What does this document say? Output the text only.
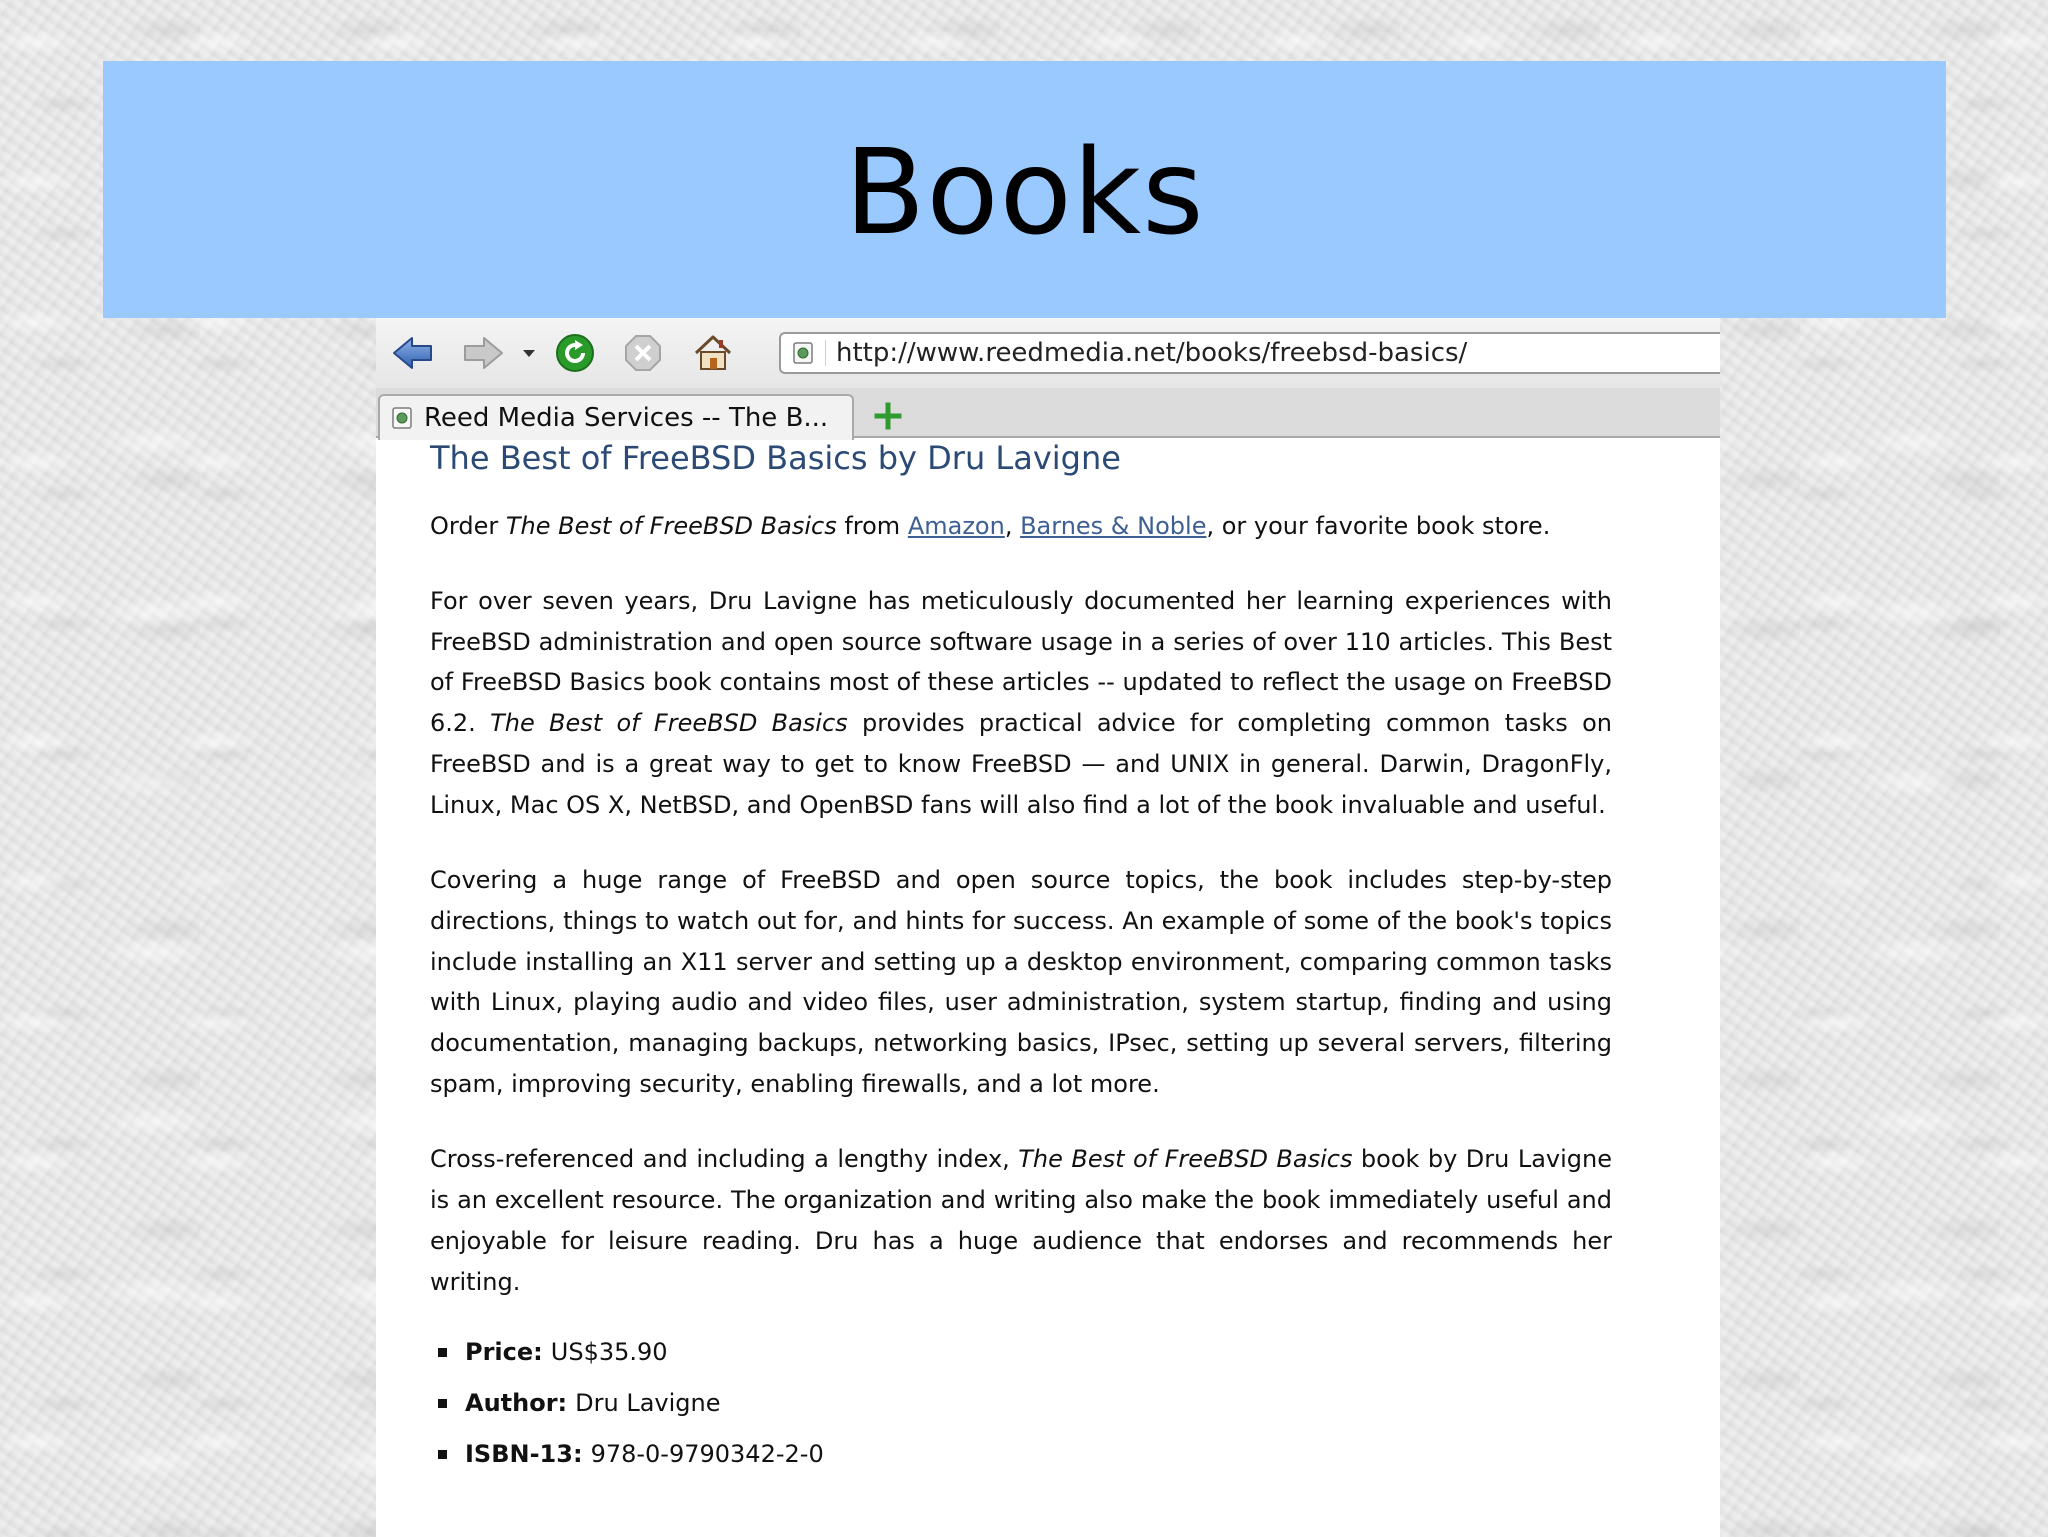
Books
http://www.reedmedia.net/books/freebsd-basics/
Reed Media Services -- The B...
The Best of FreeBSD Basics by Dru Lavigne

Order The Best of FreeBSD Basics from Amazon, Barnes & Noble, or your favorite book store.

For over seven years, Dru Lavigne has meticulously documented her learning experiences with FreeBSD administration and open source software usage in a series of over 110 articles. This Best of FreeBSD Basics book contains most of these articles -- updated to reflect the usage on FreeBSD 6.2. The Best of FreeBSD Basics provides practical advice for completing common tasks on FreeBSD and is a great way to get to know FreeBSD — and UNIX in general. Darwin, DragonFly, Linux, Mac OS X, NetBSD, and OpenBSD fans will also find a lot of the book invaluable and useful.

Covering a huge range of FreeBSD and open source topics, the book includes step-by-step directions, things to watch out for, and hints for success. An example of some of the book's topics include installing an X11 server and setting up a desktop environment, comparing common tasks with Linux, playing audio and video files, user administration, system startup, finding and using documentation, managing backups, networking basics, IPsec, setting up several servers, filtering spam, improving security, enabling firewalls, and a lot more.

Cross-referenced and including a lengthy index, The Best of FreeBSD Basics book by Dru Lavigne is an excellent resource. The organization and writing also make the book immediately useful and enjoyable for leisure reading. Dru has a huge audience that endorses and recommends her writing.

Price: US$35.90
Author: Dru Lavigne
ISBN-13: 978-0-9790342-2-0
